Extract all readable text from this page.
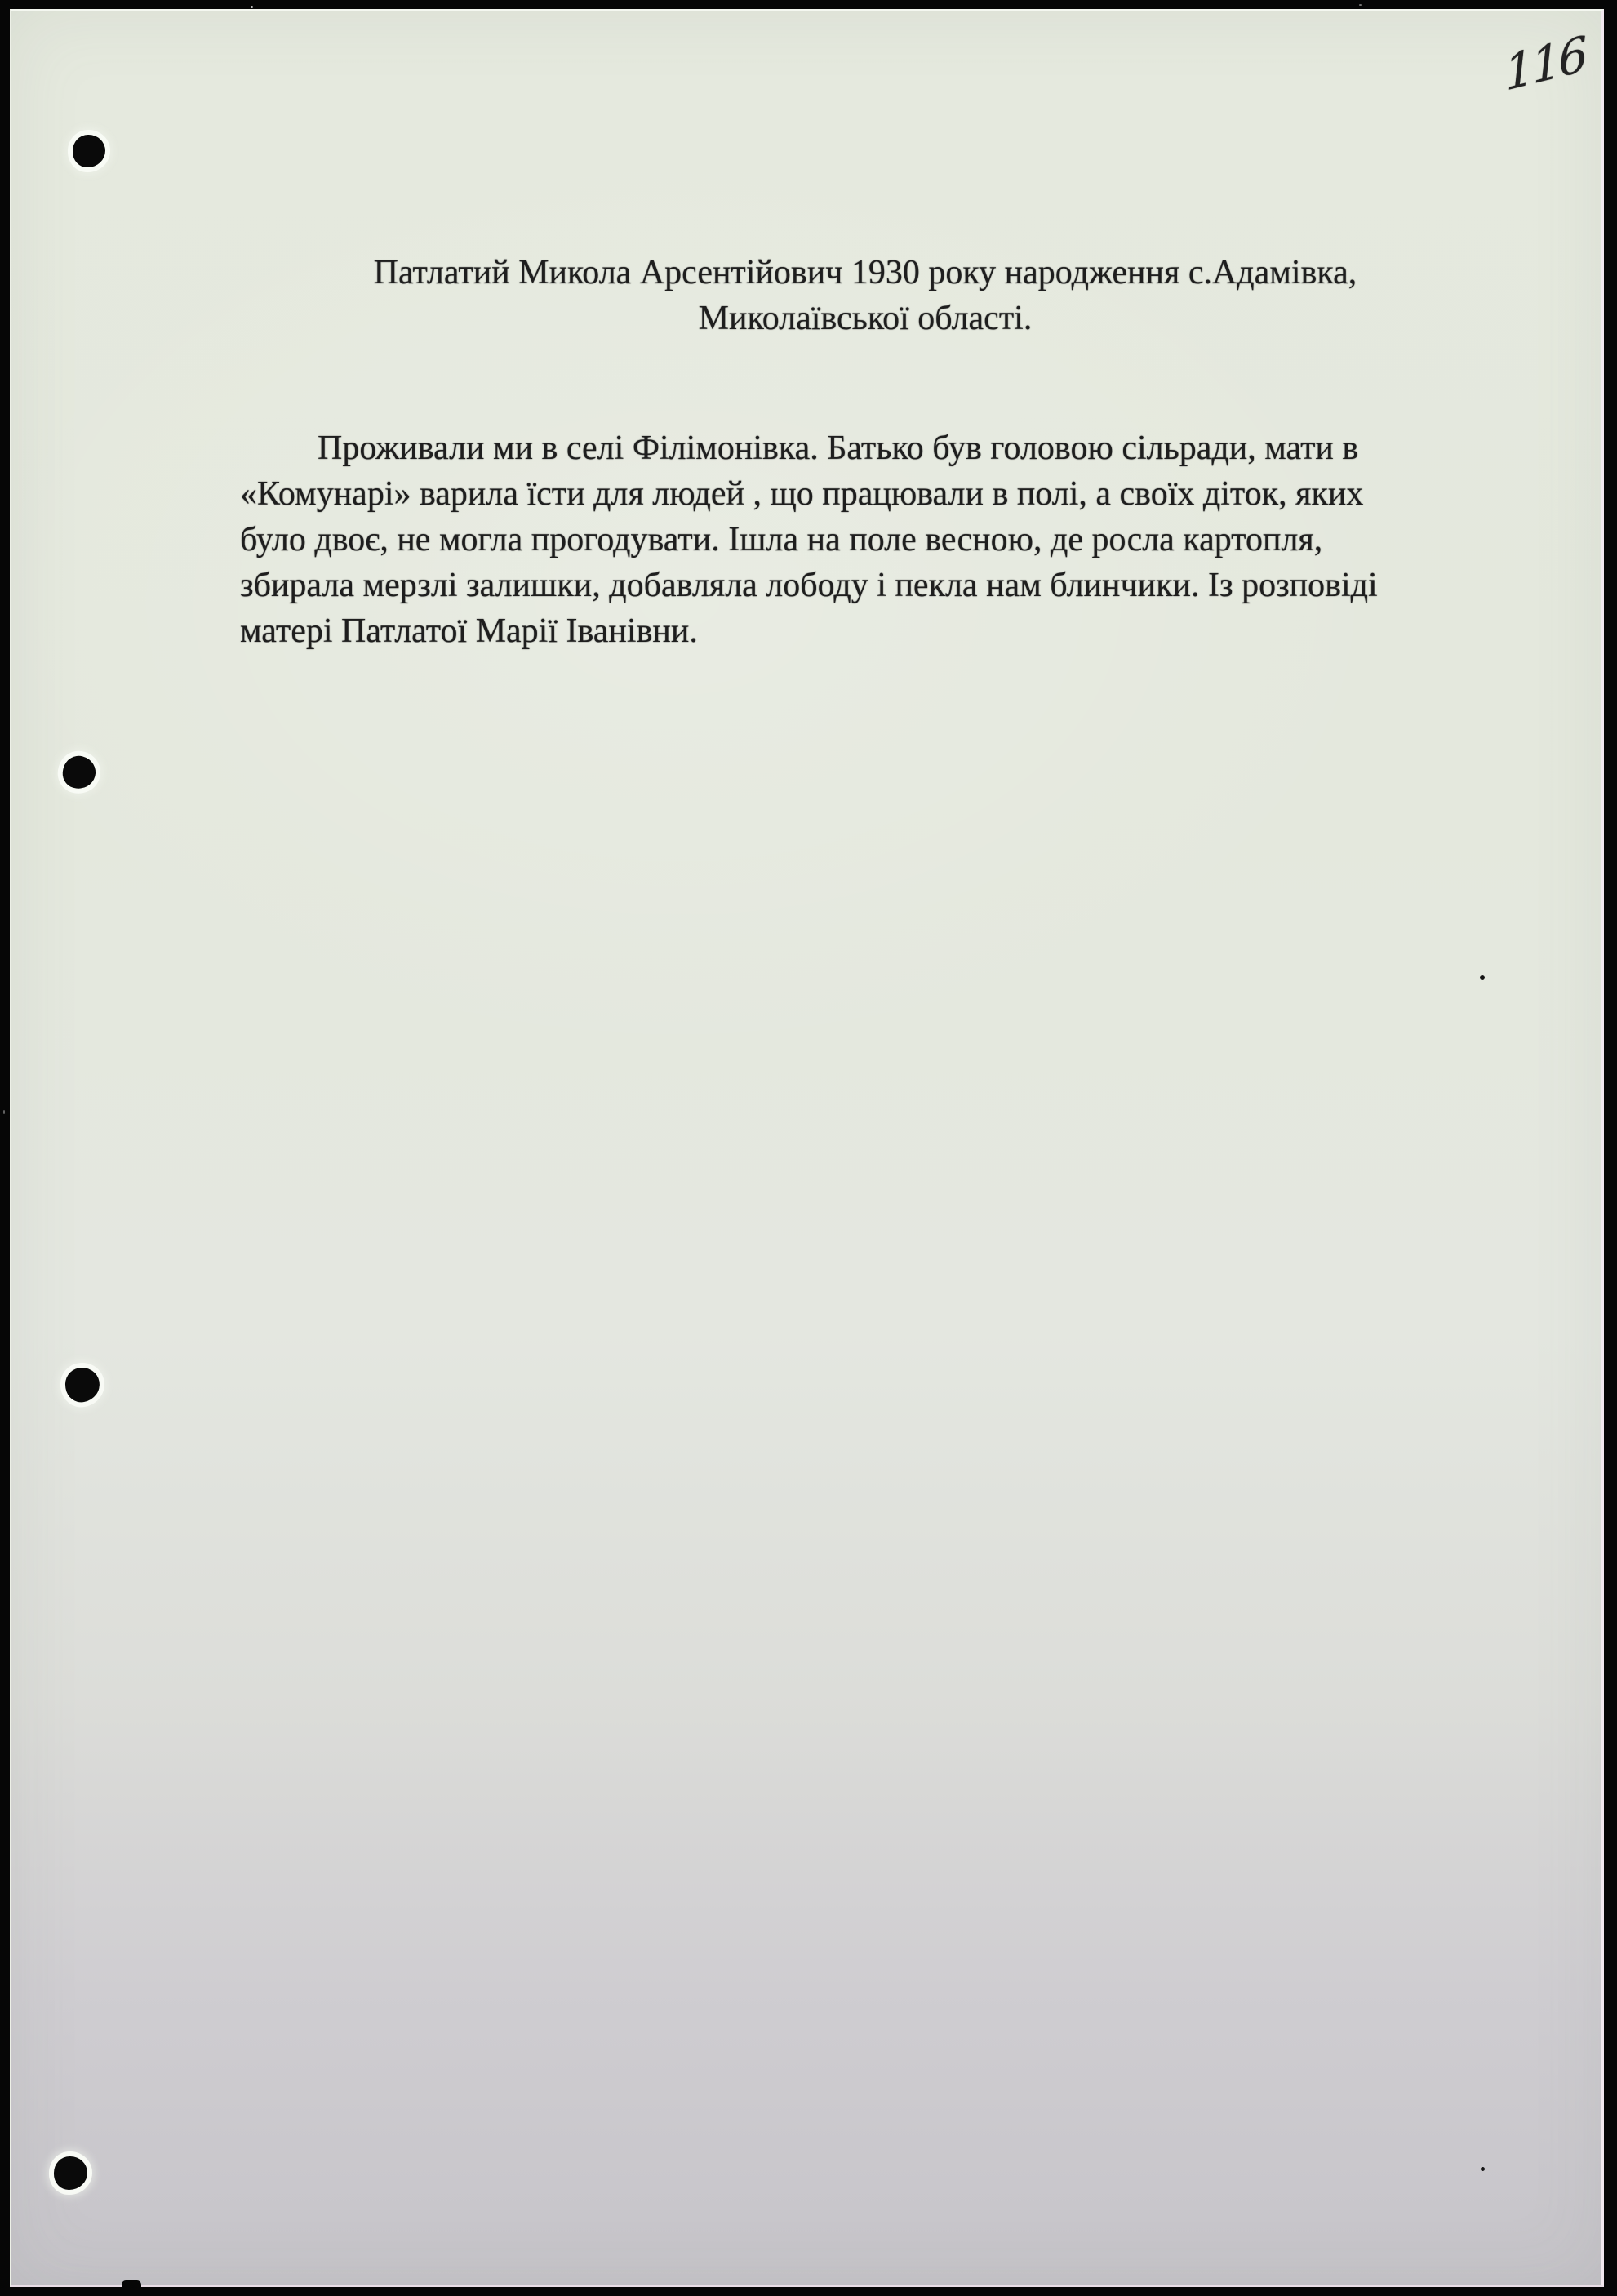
116
Патлатий Микола Арсентійович 1930 року народження с.Адамівка,
Миколаївської області.
Проживали ми в селі Філімонівка. Батько був головою сільради, мати в
«Комунарі» варила їсти для людей , що працювали в полі, а своїх діток, яких
було двоє, не могла прогодувати. Ішла на поле весною, де росла картопля,
збирала мерзлі залишки, добавляла лободу і пекла нам блинчики. Із розповіді
матері Патлатої Марії Іванівни.
